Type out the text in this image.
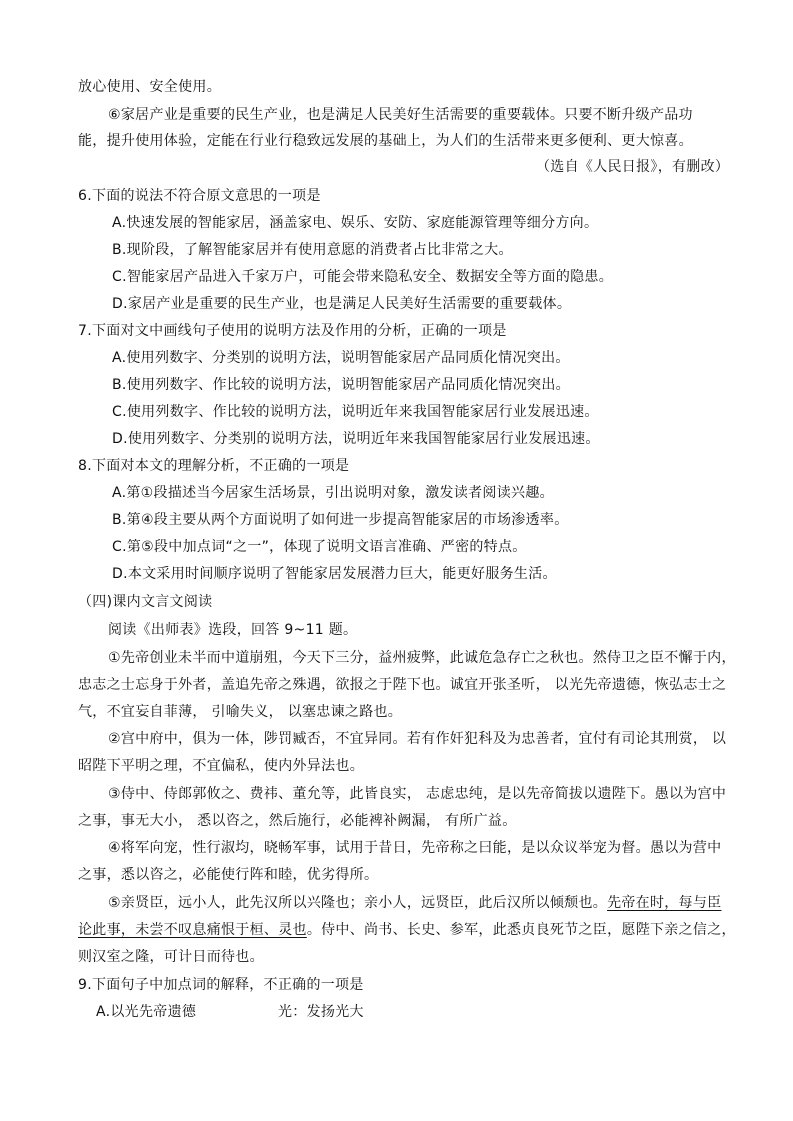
放心使用、安全使用。
⑥家居产业是重要的民生产业，也是满足人民美好生活需要的重要载体。只要不断升级产品功
能，提升使用体验，定能在行业行稳致远发展的基础上，为人们的生活带来更多便利、更大惊喜。
（选自《人民日报》，有删改）
6.下面的说法不符合原文意思的一项是
A.快速发展的智能家居，涵盖家电、娱乐、安防、家庭能源管理等细分方向。
B.现阶段，了解智能家居并有使用意愿的消费者占比非常之大。
C.智能家居产品进入千家万户，可能会带来隐私安全、数据安全等方面的隐患。
D.家居产业是重要的民生产业，也是满足人民美好生活需要的重要载体。
7.下面对文中画线句子使用的说明方法及作用的分析，正确的一项是
A.使用列数字、分类别的说明方法，说明智能家居产品同质化情况突出。
B.使用列数字、作比较的说明方法，说明智能家居产品同质化情况突出。
C.使用列数字、作比较的说明方法，说明近年来我国智能家居行业发展迅速。
D.使用列数字、分类别的说明方法，说明近年来我国智能家居行业发展迅速。
8.下面对本文的理解分析，不正确的一项是
A.第①段描述当今居家生活场景，引出说明对象，激发读者阅读兴趣。
B.第④段主要从两个方面说明了如何进一步提高智能家居的市场渗透率。
C.第⑤段中加点词“之一”，体现了说明文语言准确、严密的特点。
D.本文采用时间顺序说明了智能家居发展潜力巨大，能更好服务生活。
（四)课内文言文阅读
阅读《出师表》选段，回答 9~11 题。
①先帝创业未半而中道崩殂，今天下三分，益州疲弊，此诚危急存亡之秋也。然侍卫之臣不懈于内，
忠志之士忘身于外者，盖追先帝之殊遇，欲报之于陛下也。诚宜开张圣听， 以光先帝遗德，恢弘志士之
气，不宜妄自菲薄， 引喻失义， 以塞忠谏之路也。
②宫中府中，俱为一体，陟罚臧否，不宜异同。若有作奸犯科及为忠善者，宜付有司论其刑赏， 以
昭陛下平明之理，不宜偏私，使内外异法也。
③侍中、侍郎郭攸之、费祎、董允等，此皆良实， 志虑忠纯，是以先帝简拔以遗陛下。愚以为宫中
之事，事无大小， 悉以咨之，然后施行，必能裨补阙漏， 有所广益。
④将军向宠，性行淑均，晓畅军事，试用于昔日，先帝称之曰能，是以众议举宠为督。愚以为营中
之事，悉以咨之，必能使行阵和睦，优劣得所。
⑤亲贤臣，远小人，此先汉所以兴隆也；亲小人，远贤臣，此后汉所以倾颓也。先帝在时，每与臣
论此事，未尝不叹息痛恨于桓、灵也。侍中、尚书、长史、参军，此悉贞良死节之臣，愿陛下亲之信之，
则汉室之隆，可计日而待也。
9.下面句子中加点词的解释，不正确的一项是
A.以光先帝遗德	光：发扬光大
